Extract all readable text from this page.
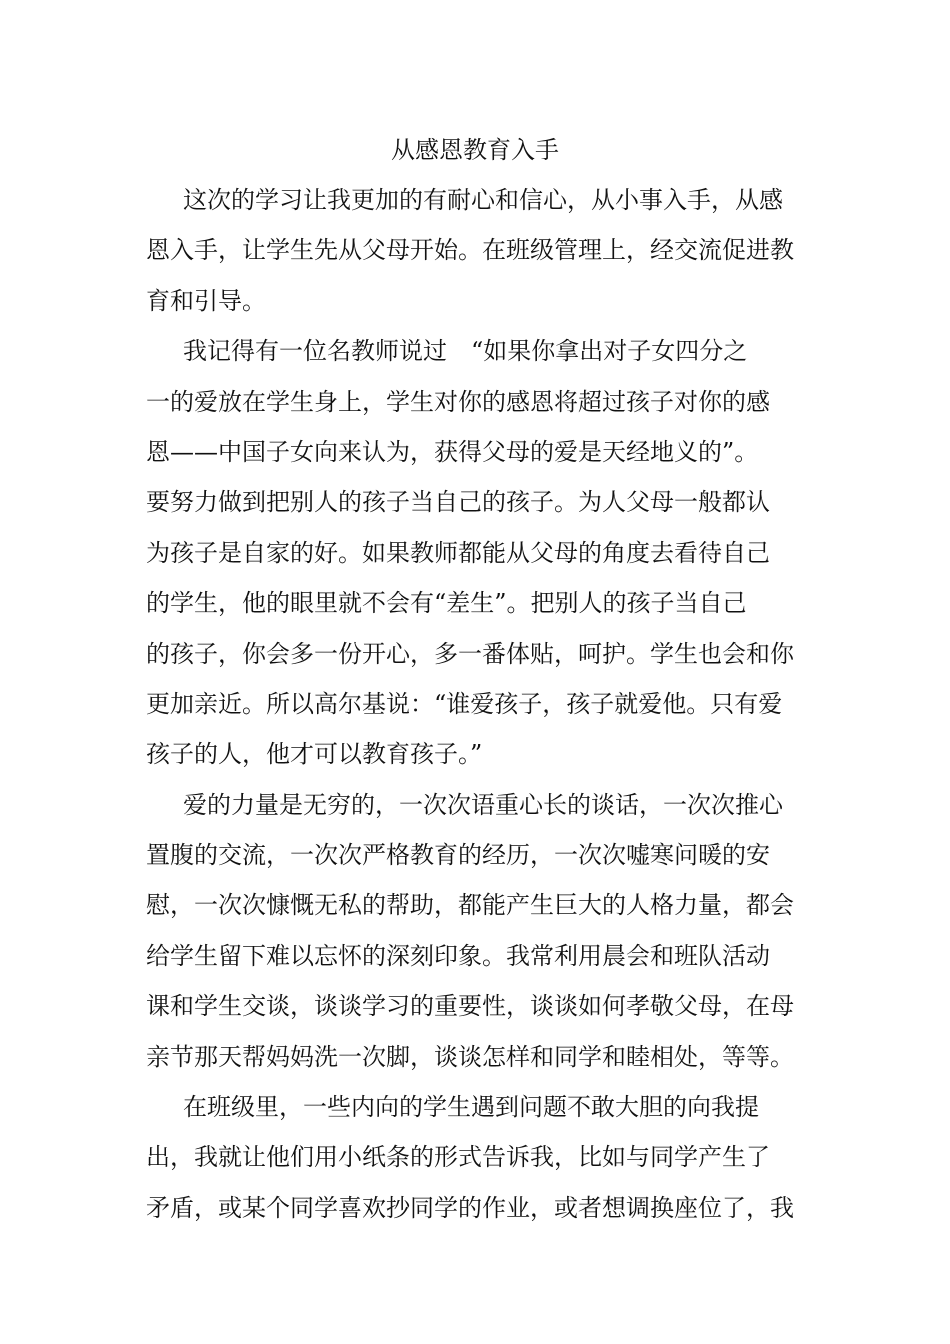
从感恩教育入手
这次的学习让我更加的有耐心和信心，从小事入手，从感
恩入手，让学生先从父母开始。在班级管理上，经交流促进教
育和引导。
我记得有一位名教师说过　“如果你拿出对子女四分之
一的爱放在学生身上，学生对你的感恩将超过孩子对你的感
恩——中国子女向来认为，获得父母的爱是天经地义的”。
要努力做到把别人的孩子当自己的孩子。为人父母一般都认
为孩子是自家的好。如果教师都能从父母的角度去看待自己
的学生，他的眼里就不会有“差生”。把别人的孩子当自己
的孩子，你会多一份开心，多一番体贴，呵护。学生也会和你
更加亲近。所以高尔基说：“谁爱孩子，孩子就爱他。只有爱
孩子的人，他才可以教育孩子。”
爱的力量是无穷的，一次次语重心长的谈话，一次次推心
置腹的交流，一次次严格教育的经历，一次次嘘寒问暖的安
慰，一次次慷慨无私的帮助，都能产生巨大的人格力量，都会
给学生留下难以忘怀的深刻印象。我常利用晨会和班队活动
课和学生交谈，谈谈学习的重要性，谈谈如何孝敬父母，在母
亲节那天帮妈妈洗一次脚，谈谈怎样和同学和睦相处，等等。
在班级里，一些内向的学生遇到问题不敢大胆的向我提
出，我就让他们用小纸条的形式告诉我，比如与同学产生了
矛盾，或某个同学喜欢抄同学的作业，或者想调换座位了，我
